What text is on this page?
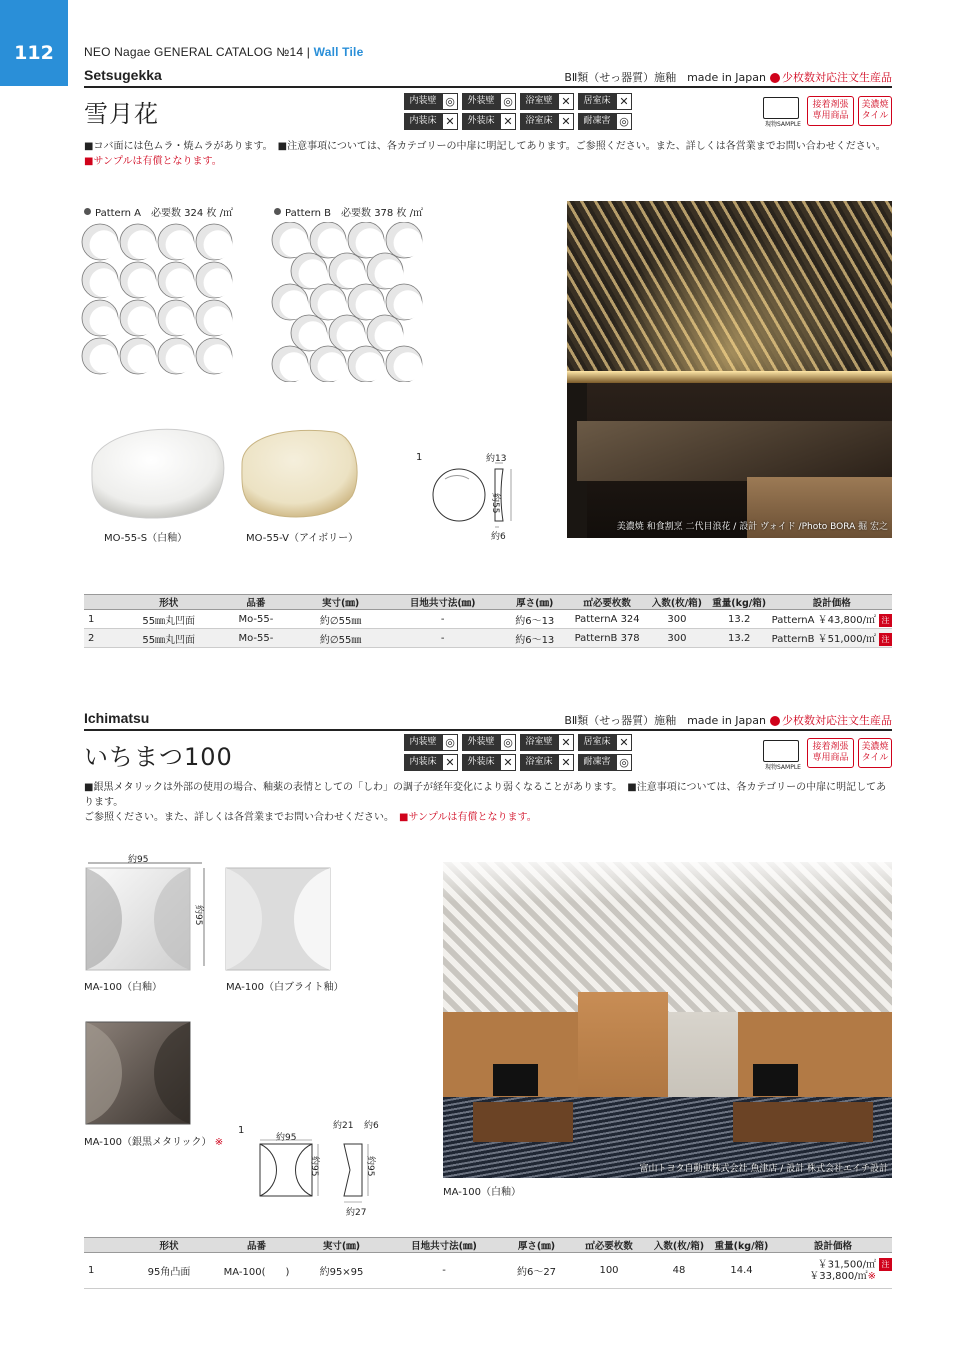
112	NEO Nagae GENERAL CATALOG №14 | Wall Tile
Setsugekka	BⅡ類（せっ器質）施釉　made in Japan 少枚数対応注文生産品
雪月花	内装壁 ◎	外装壁 ◎	浴室壁 ✕	居室床 ✕
内装床 ✕	外装床 ✕	浴室床 ✕	耐凍害 ◎	現物SAMPLE
接着剤張
専用商品
美濃焼
タイル
■コバ面には色ムラ・焼ムラがあります。　■注意事項については、各カテゴリーの中扉に明記してあります。ご参照ください。また、詳しくは各営業までお問い合わせください。
■サンプルは有償となります。
Pattern A　必要数 324 枚 /㎡	Pattern B　必要数 378 枚 /㎡
MO-55-S（白釉）	MO-55-V（アイボリー）
1	約13
約55
約6
美濃焼 和食割烹 二代目浪花 / 設計 ヴォイド /Photo BORA 掘 宏之
	形状	品番	実寸(㎜)	目地共寸法(㎜)	厚さ(㎜)	㎡必要枚数	入数(枚/箱)	重量(kg/箱)	設計価格
1	55㎜丸凹面	Mo-55-	約∅55㎜	-	約6～13	PatternA 324	300	13.2	PatternA ￥43,800/㎡ 注
2	55㎜丸凹面	Mo-55-	約∅55㎜	-	約6～13	PatternB 378	300	13.2	PatternB ￥51,000/㎡ 注
Ichimatsu	BⅡ類（せっ器質）施釉　made in Japan 少枚数対応注文生産品
いちまつ100
内装壁 ◎	外装壁 ◎	浴室壁 ✕	居室床 ✕
内装床 ✕	外装床 ✕	浴室床 ✕	耐凍害 ◎	現物SAMPLE
接着剤張
専用商品
美濃焼
タイル
■銀黒メタリックは外部の使用の場合、釉薬の表情としての「しわ」の調子が経年変化により弱くなることがあります。　■注意事項については、各カテゴリーの中扉に明記してあります。
ご参照ください。また、詳しくは各営業までお問い合わせください。　■サンプルは有償となります。
約95
約95
MA-100（白釉）	MA-100（白ブライト釉）
MA-100（銀黒メタリック） ※
1
約95
約21 約6
約95	約95
約27
富山トヨタ自動車株式会社 魚津店 / 設計 株式会社エイチ設計
MA-100（白釉）
	形状	品番	実寸(㎜)	目地共寸法(㎜)	厚さ(㎜)	㎡必要枚数	入数(枚/箱)	重量(kg/箱)	設計価格
1	95角凸面	MA-100(　　)	約95×95	-	約6～27	100	48	14.4	￥31,500/㎡ 注
￥33,800/㎡※
